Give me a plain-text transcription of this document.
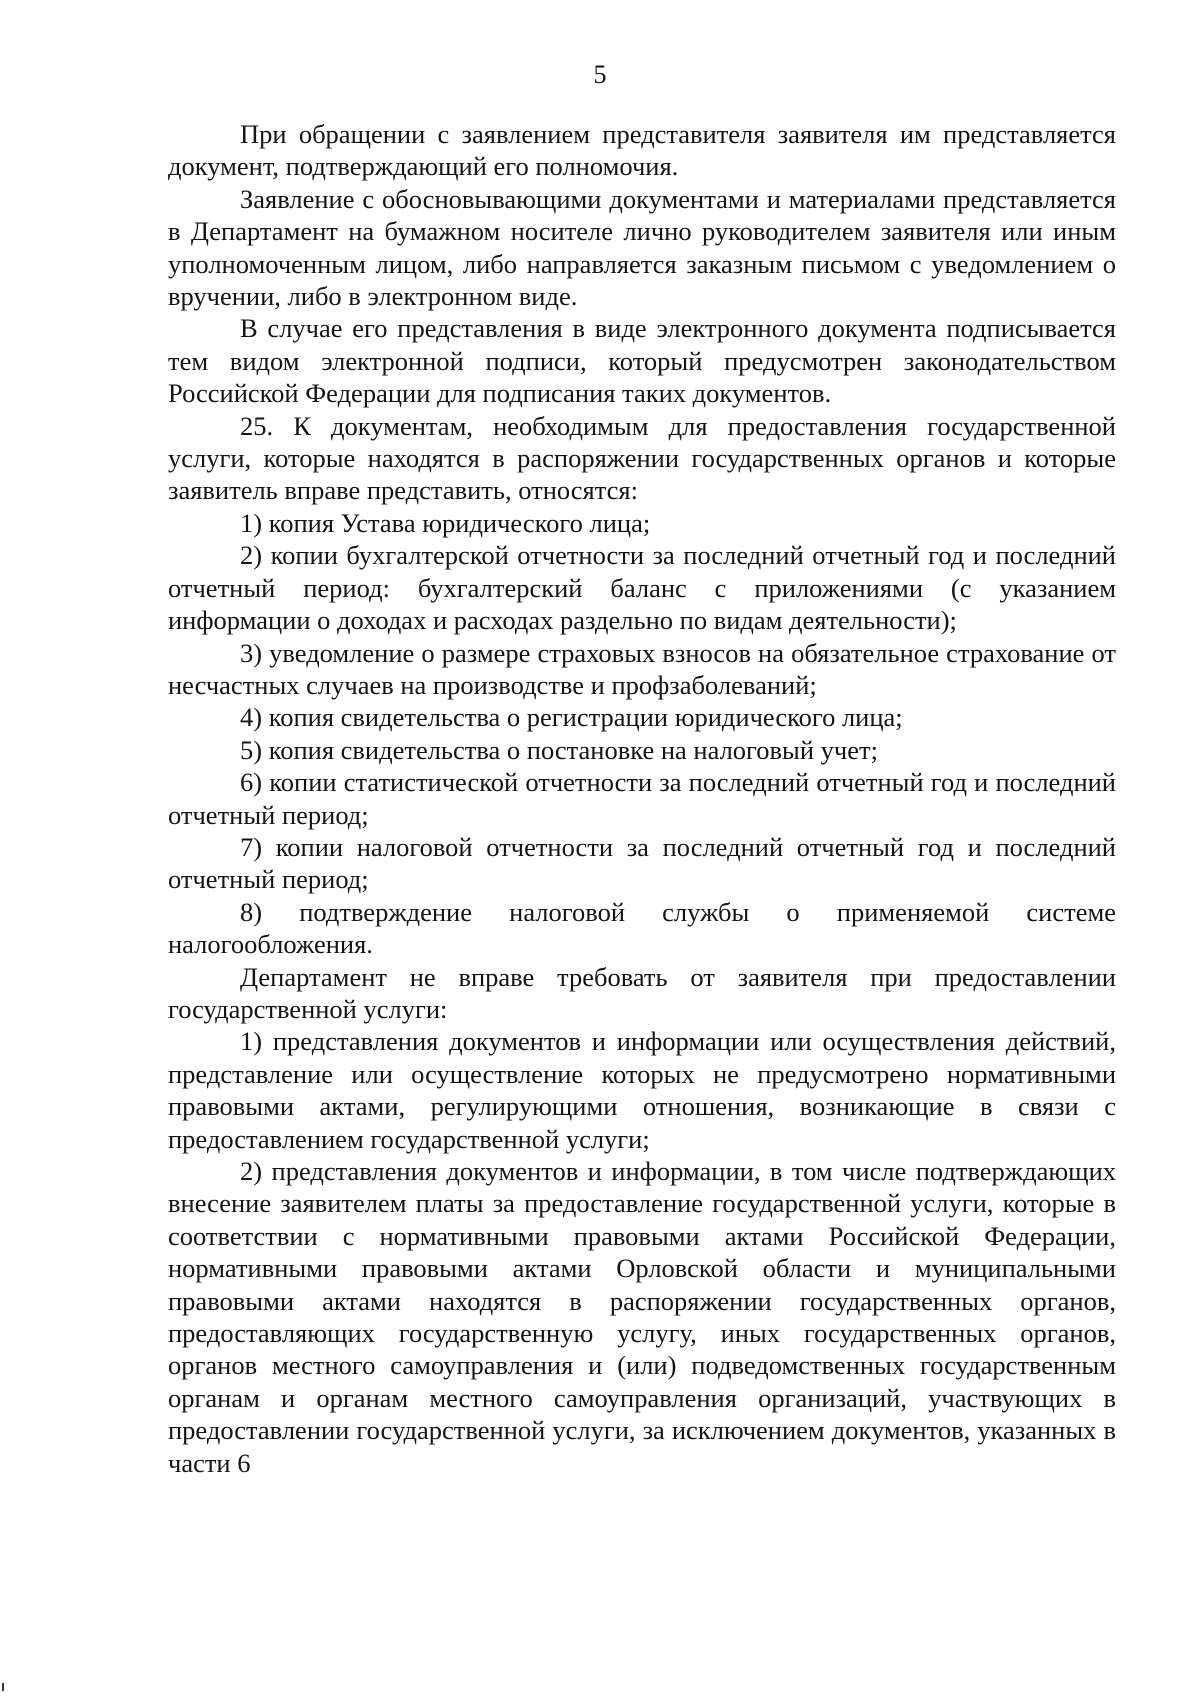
5

При обращении с заявлением представителя заявителя им представляется документ, подтверждающий его полномочия.

Заявление с обосновывающими документами и материалами представляется в Департамент на бумажном носителе лично руководителем заявителя или иным уполномоченным лицом, либо направляется заказным письмом с уведомлением о вручении, либо в электронном виде.

В случае его представления в виде электронного документа подписывается тем видом электронной подписи, который предусмотрен законодательством Российской Федерации для подписания таких документов.

25. К документам, необходимым для предоставления государственной услуги, которые находятся в распоряжении государственных органов и которые заявитель вправе представить, относятся:

1) копия Устава юридического лица;

2) копии бухгалтерской отчетности за последний отчетный год и последний отчетный период: бухгалтерский баланс с приложениями (с указанием информации о доходах и расходах раздельно по видам деятельности);

3) уведомление о размере страховых взносов на обязательное страхование от несчастных случаев на производстве и профзаболеваний;

4) копия свидетельства о регистрации юридического лица;

5) копия свидетельства о постановке на налоговый учет;

6) копии статистической отчетности за последний отчетный год и последний отчетный период;

7) копии налоговой отчетности за последний отчетный год и последний отчетный период;

8) подтверждение налоговой службы о применяемой системе налогообложения.

Департамент не вправе требовать от заявителя при предоставлении государственной услуги:

1) представления документов и информации или осуществления действий, представление или осуществление которых не предусмотрено нормативными правовыми актами, регулирующими отношения, возникающие в связи с предоставлением государственной услуги;

2) представления документов и информации, в том числе подтверждающих внесение заявителем платы за предоставление государственной услуги, которые в соответствии с нормативными правовыми актами Российской Федерации, нормативными правовыми актами Орловской области и муниципальными правовыми актами находятся в распоряжении государственных органов, предоставляющих государственную услугу, иных государственных органов, органов местного самоуправления и (или) подведомственных государственным органам и органам местного самоуправления организаций, участвующих в предоставлении государственной услуги, за исключением документов, указанных в части 6
